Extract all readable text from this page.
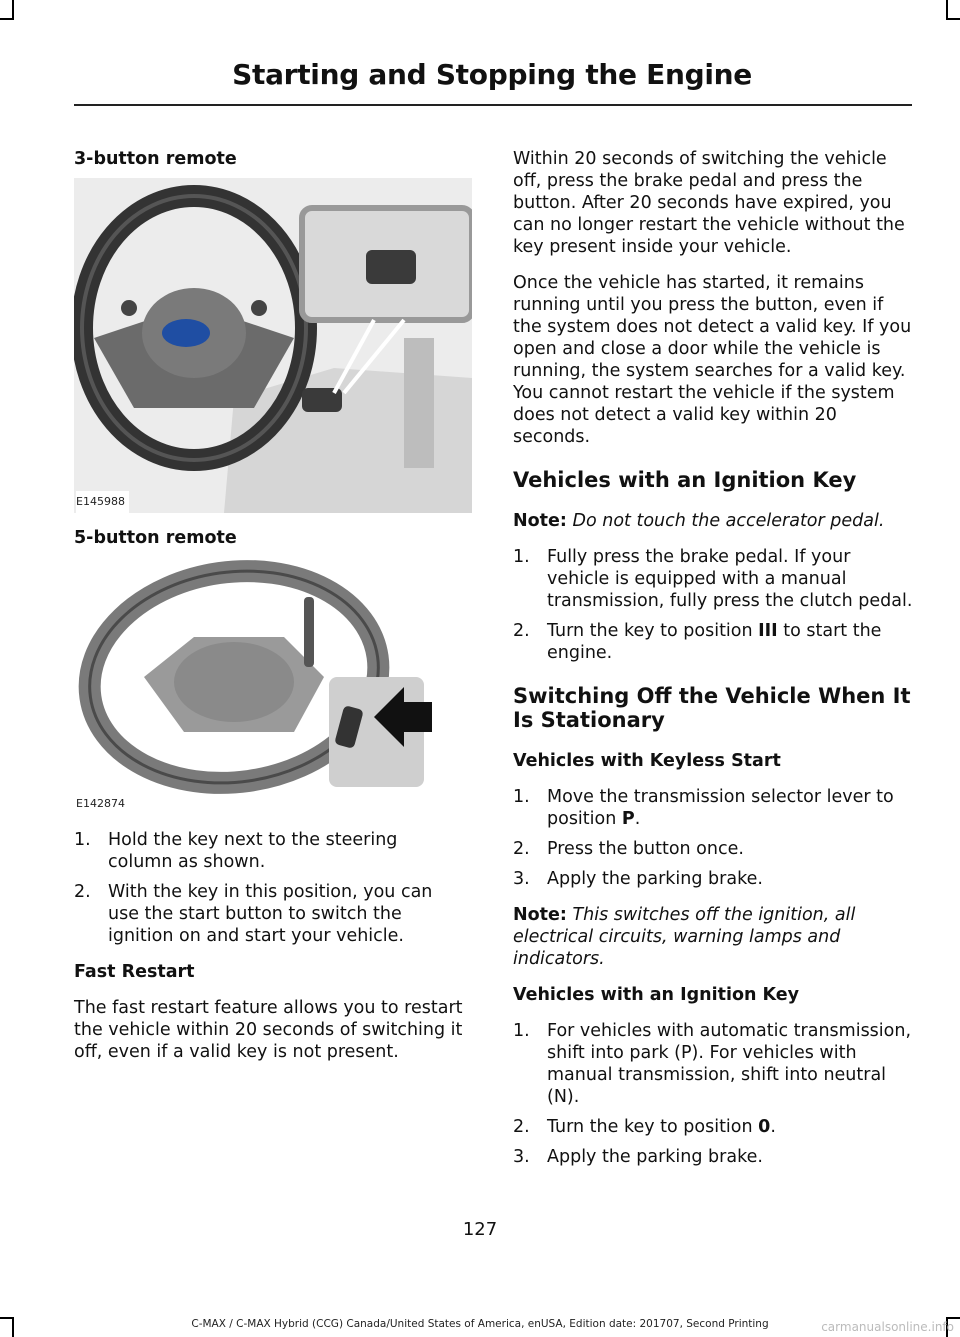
Starting and Stopping the Engine
3-button remote
E145988
5-button remote
E142874
1. Hold the key next to the steering column as shown.
2. With the key in this position, you can use the start button to switch the ignition on and start your vehicle.
Fast Restart
The fast restart feature allows you to restart the vehicle within 20 seconds of switching it off, even if a valid key is not present.
Within 20 seconds of switching the vehicle off, press the brake pedal and press the button. After 20 seconds have expired, you can no longer restart the vehicle without the key present inside your vehicle.
Once the vehicle has started, it remains running until you press the button, even if the system does not detect a valid key. If you open and close a door while the vehicle is running, the system searches for a valid key. You cannot restart the vehicle if the system does not detect a valid key within 20 seconds.
Vehicles with an Ignition Key
Note: Do not touch the accelerator pedal.
1. Fully press the brake pedal. If your vehicle is equipped with a manual transmission, fully press the clutch pedal.
2. Turn the key to position III to start the engine.
Switching Off the Vehicle When It Is Stationary
Vehicles with Keyless Start
1. Move the transmission selector lever to position P.
2. Press the button once.
3. Apply the parking brake.
Note: This switches off the ignition, all electrical circuits, warning lamps and indicators.
Vehicles with an Ignition Key
1. For vehicles with automatic transmission, shift into park (P). For vehicles with manual transmission, shift into neutral (N).
2. Turn the key to position 0.
3. Apply the parking brake.
127
C-MAX / C-MAX Hybrid (CCG) Canada/United States of America, enUSA, Edition date: 201707, Second Printing	carmanualsonline.info
